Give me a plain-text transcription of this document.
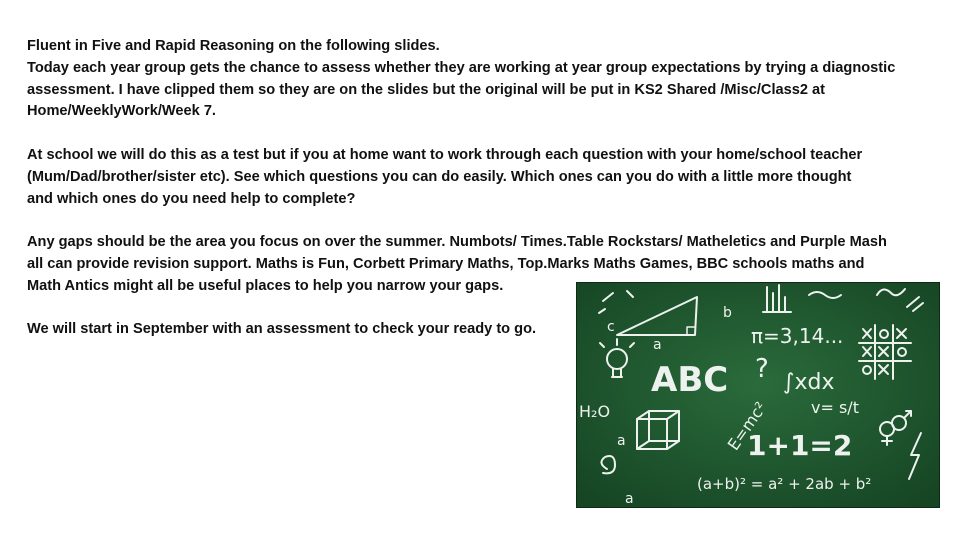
Fluent in Five and Rapid Reasoning on the following slides.
Today each year group gets the chance to assess whether they are working at year group expectations by trying a diagnostic
assessment. I have clipped them so they are on the slides but the original will be put in KS2 Shared /Misc/Class2 at
Home/WeeklyWork/Week 7.

At school we will do this as a test but if you at home want to work through each question with your home/school teacher
(Mum/Dad/brother/sister etc). See which questions you can do easily. Which ones can you do with a little more thought
and which ones do you need help to complete?

Any gaps should be the area you focus on over the summer. Numbots/ Times.Table Rockstars/ Matheletics and Purple Mash
all can provide revision support. Maths is Fun, Corbett Primary Maths, Top.Marks Maths Games, BBC schools maths and
Math Antics might all be useful places to help you narrow your gaps.

We will start in September with an assessment to check your ready to go.

ABC
π=3,14...
∫xdx
1+1=2
(a+b)² = a² + 2ab + b²
H₂O	E=mc²	v= s/t
?
b
a
a
a
c
